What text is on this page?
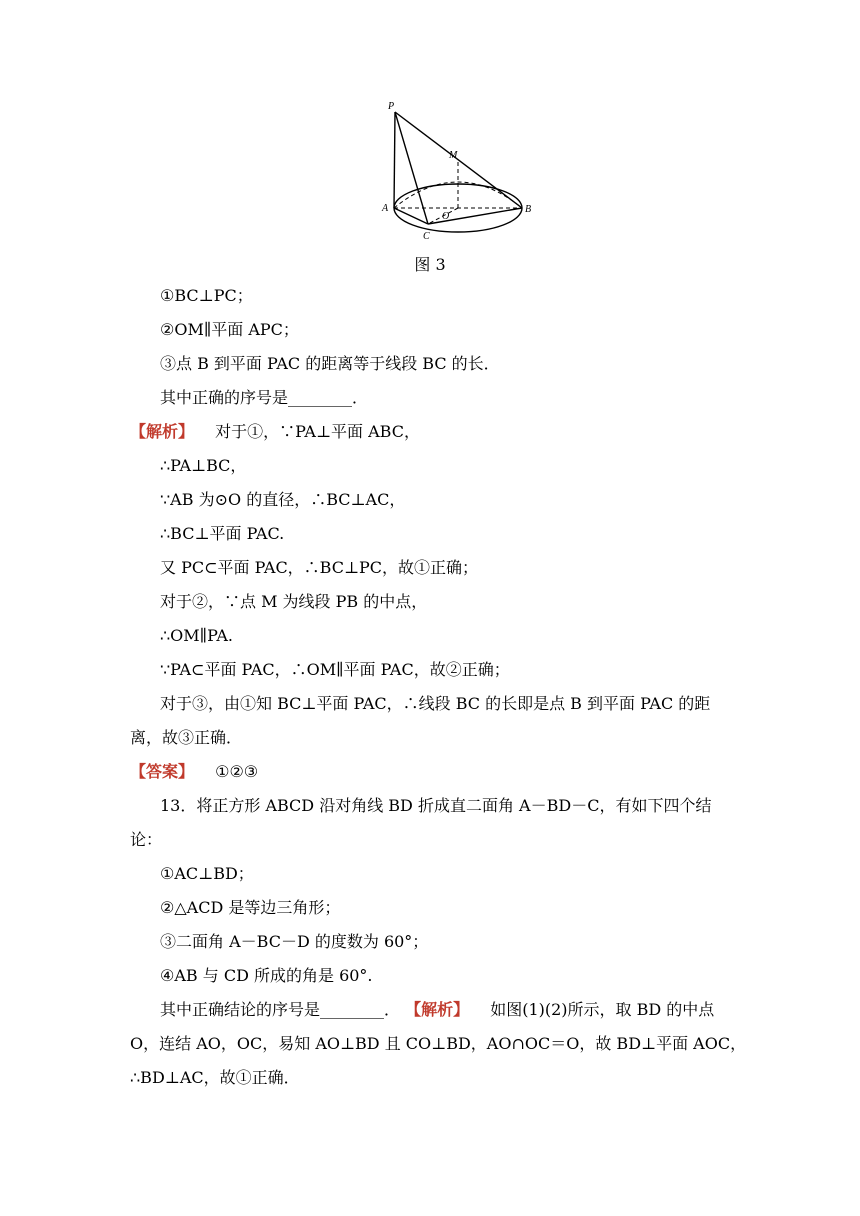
P
M
A
O
B
C
图 3
①BC⊥PC；
②OM∥平面 APC；
③点 B 到平面 PAC 的距离等于线段 BC 的长．
其中正确的序号是________．
【解析】 对于①，∵PA⊥平面 ABC，
∴PA⊥BC，
∵AB 为⊙O 的直径，∴BC⊥AC，
∴BC⊥平面 PAC.
又 PC⊂平面 PAC，∴BC⊥PC，故①正确；
对于②，∵点 M 为线段 PB 的中点，
∴OM∥PA.
∵PA⊂平面 PAC，∴OM∥平面 PAC，故②正确；
对于③，由①知 BC⊥平面 PAC，∴线段 BC 的长即是点 B 到平面 PAC 的距
离，故③正确．
【答案】 ①②③
13．将正方形 ABCD 沿对角线 BD 折成直二面角 A－BD－C，有如下四个结
论：
①AC⊥BD；
②△ACD 是等边三角形；
③二面角 A－BC－D 的度数为 60°；
④AB 与 CD 所成的角是 60°.
其中正确结论的序号是________． 【解析】 如图(1)(2)所示，取 BD 的中点
O，连结 AO，OC，易知 AO⊥BD 且 CO⊥BD，AO∩OC＝O，故 BD⊥平面 AOC，
∴BD⊥AC，故①正确．
